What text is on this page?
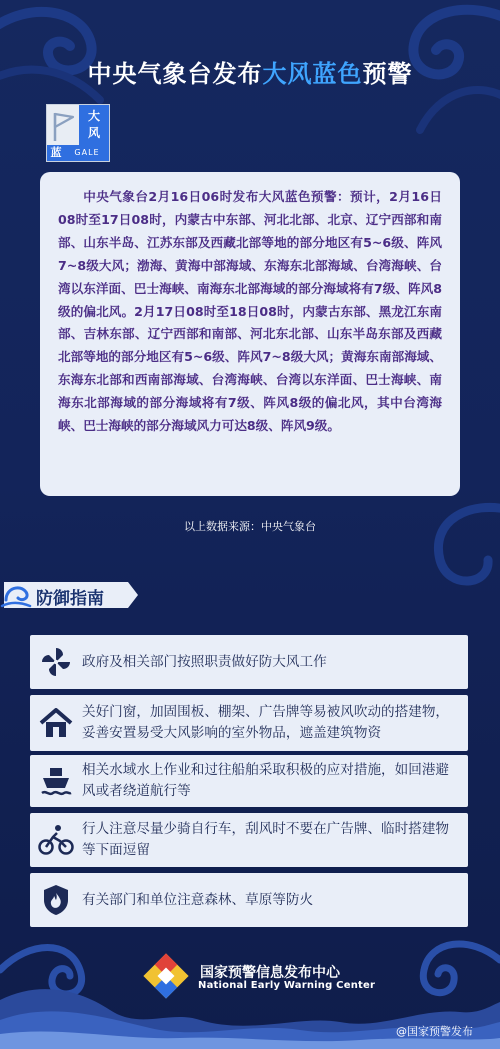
中央气象台发布大风蓝色预警
大
风
蓝	GALE

中央气象台2月16日06时发布大风蓝色预警：预计，2月16日08时至17日08时，内蒙古中东部、河北北部、北京、辽宁西部和南部、山东半岛、江苏东部及西藏北部等地的部分地区有5~6级、阵风7~8级大风；渤海、黄海中部海域、东海东北部海域、台湾海峡、台湾以东洋面、巴士海峡、南海东北部海域的部分海域将有7级、阵风8级的偏北风。2月17日08时至18日08时，内蒙古东部、黑龙江东南部、吉林东部、辽宁西部和南部、河北东北部、山东半岛东部及西藏北部等地的部分地区有5~6级、阵风7~8级大风；黄海东南部海域、东海东北部和西南部海域、台湾海峡、台湾以东洋面、巴士海峡、南海东北部海域的部分海域将有7级、阵风8级的偏北风，其中台湾海峡、巴士海峡的部分海域风力可达8级、阵风9级。

以上数据来源：中央气象台
防御指南
政府及相关部门按照职责做好防大风工作
关好门窗，加固围板、棚架、广告牌等易被风吹动的搭建物，妥善安置易受大风影响的室外物品，遮盖建筑物资
相关水域水上作业和过往船舶采取积极的应对措施，如回港避风或者绕道航行等
行人注意尽量少骑自行车，刮风时不要在广告牌、临时搭建物等下面逗留
有关部门和单位注意森林、草原等防火
国家预警信息发布中心
National Early Warning Center
@国家预警发布
